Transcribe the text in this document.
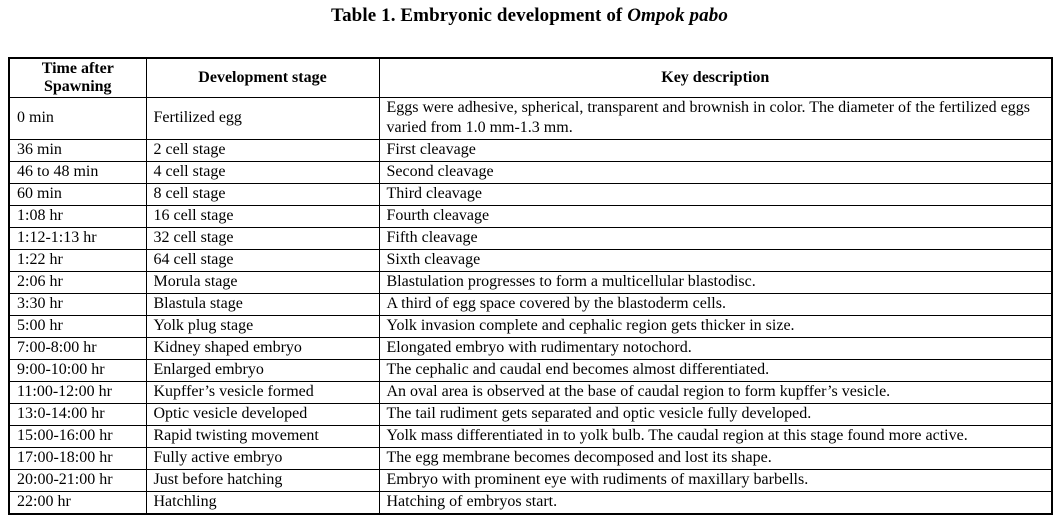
Table 1. Embryonic development of Ompok pabo
Time after Spawning	Development stage	Key description
0 min	Fertilized egg	Eggs were adhesive, spherical, transparent and brownish in color. The diameter of the fertilized eggs varied from 1.0 mm-1.3 mm.
36 min	2 cell stage	First cleavage
46 to 48 min	4 cell stage	Second cleavage
60 min	8 cell stage	Third cleavage
1:08 hr	16 cell stage	Fourth cleavage
1:12-1:13 hr	32 cell stage	Fifth cleavage
1:22 hr	64 cell stage	Sixth cleavage
2:06 hr	Morula stage	Blastulation progresses to form a multicellular blastodisc.
3:30 hr	Blastula stage	A third of egg space covered by the blastoderm cells.
5:00 hr	Yolk plug stage	Yolk invasion complete and cephalic region gets thicker in size.
7:00-8:00 hr	Kidney shaped embryo	Elongated embryo with rudimentary notochord.
9:00-10:00 hr	Enlarged embryo	The cephalic and caudal end becomes almost differentiated.
11:00-12:00 hr	Kupffer’s vesicle formed	An oval area is observed at the base of caudal region to form kupffer’s vesicle.
13:0-14:00 hr	Optic vesicle developed	The tail rudiment gets separated and optic vesicle fully developed.
15:00-16:00 hr	Rapid twisting movement	Yolk mass differentiated in to yolk bulb. The caudal region at this stage found more active.
17:00-18:00 hr	Fully active embryo	The egg membrane becomes decomposed and lost its shape.
20:00-21:00 hr	Just before hatching	Embryo with prominent eye with rudiments of maxillary barbells.
22:00 hr	Hatchling	Hatching of embryos start.
